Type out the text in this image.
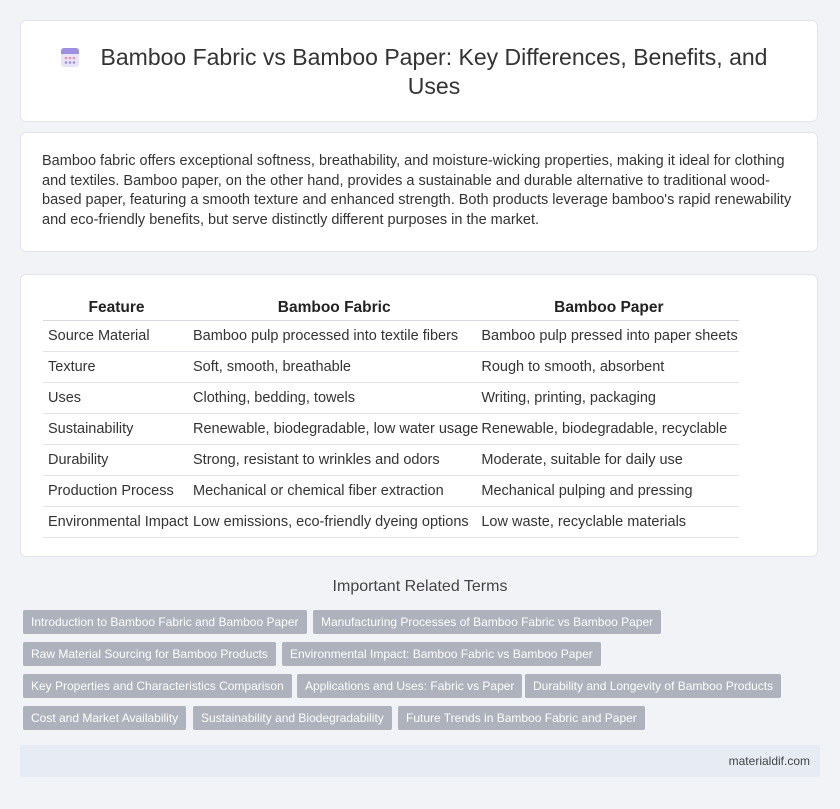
Bamboo Fabric vs Bamboo Paper: Key Differences, Benefits, and Uses

Bamboo fabric offers exceptional softness, breathability, and moisture-wicking properties, making it ideal for clothing and textiles. Bamboo paper, on the other hand, provides a sustainable and durable alternative to traditional wood-based paper, featuring a smooth texture and enhanced strength. Both products leverage bamboo's rapid renewability and eco-friendly benefits, but serve distinctly different purposes in the market.

Feature	Bamboo Fabric	Bamboo Paper
Source Material	Bamboo pulp processed into textile fibers	Bamboo pulp pressed into paper sheets
Texture	Soft, smooth, breathable	Rough to smooth, absorbent
Uses	Clothing, bedding, towels	Writing, printing, packaging
Sustainability	Renewable, biodegradable, low water usage	Renewable, biodegradable, recyclable
Durability	Strong, resistant to wrinkles and odors	Moderate, suitable for daily use
Production Process	Mechanical or chemical fiber extraction	Mechanical pulping and pressing
Environmental Impact	Low emissions, eco-friendly dyeing options	Low waste, recyclable materials
Important Related Terms
Introduction to Bamboo Fabric and Bamboo Paper	Manufacturing Processes of Bamboo Fabric vs Bamboo Paper
Raw Material Sourcing for Bamboo Products	Environmental Impact: Bamboo Fabric vs Bamboo Paper
Key Properties and Characteristics Comparison	Applications and Uses: Fabric vs Paper	Durability and Longevity of Bamboo Products
Cost and Market Availability	Sustainability and Biodegradability	Future Trends in Bamboo Fabric and Paper
materialdif.com
